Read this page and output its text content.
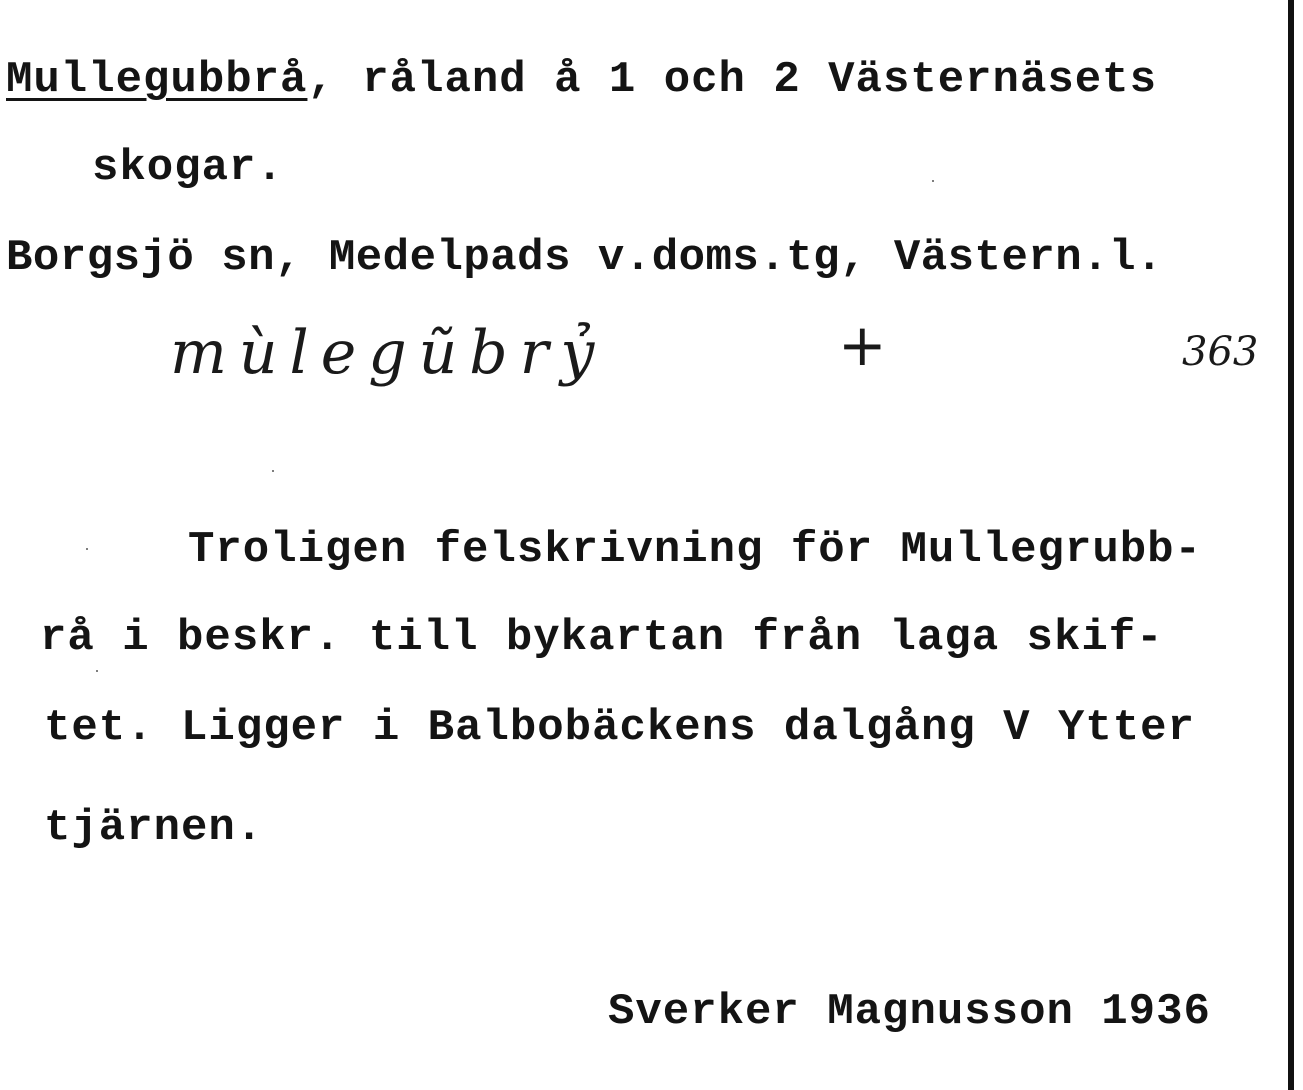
Mullegubbrå, råland å 1 och 2 Västernäsets
skogar.
Borgsjö sn, Medelpads v.doms.tg, Västern.l.
mùlegũbrỷ	+	363
Troligen felskrivning för Mullegrubb-
rå i beskr. till bykartan från laga skif-
tet. Ligger i Balbobäckens dalgång V Ytter
tjärnen.
Sverker Magnusson 1936
